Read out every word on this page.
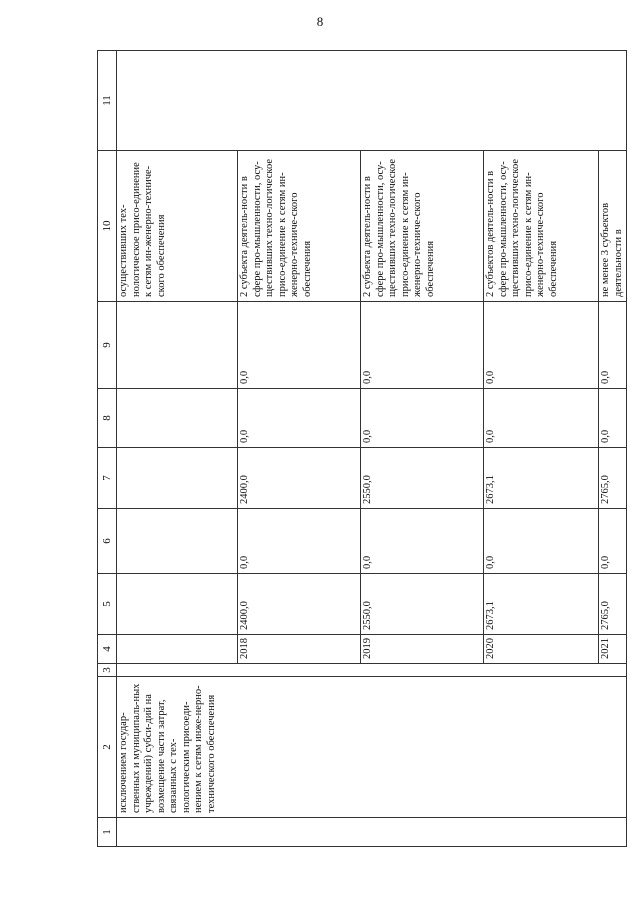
8
1	2	3	4	5	6	7	8	9	10	11

	исключением государ-ственных и муниципаль-ных учреждений) субси-дий на возмещение части затрат, связанных с тех-нологическим присоеди-нением к сетям инже-нерно-технического обеспечения								осуществивших тех-нологическое присо-единение к сетям ин-женерно-техниче-ского обеспечения	
			2018	2400,0	0,0	2400,0	0,0	0,0	2 субъекта деятель-ности в сфере про-мышленности, осу-ществивших техно-логическое присо-единение к сетям ин-женерно-техниче-ского обеспечения	
			2019	2550,0	0,0	2550,0	0,0	0,0	2 субъекта деятель-ности в сфере про-мышленности, осу-ществивших техно-логическое присо-единение к сетям ин-женерно-техниче-ского обеспечения	
			2020	2673,1	0,0	2673,1	0,0	0,0	2 субъектов деятель-ности в сфере про-мышленности, осу-ществивших техно-логическое присо-единение к сетям ин-женерно-техниче-ского обеспечения	
			2021	2765,0	0,0	2765,0	0,0	0,0	не менее 3 субъектов деятельности в	
